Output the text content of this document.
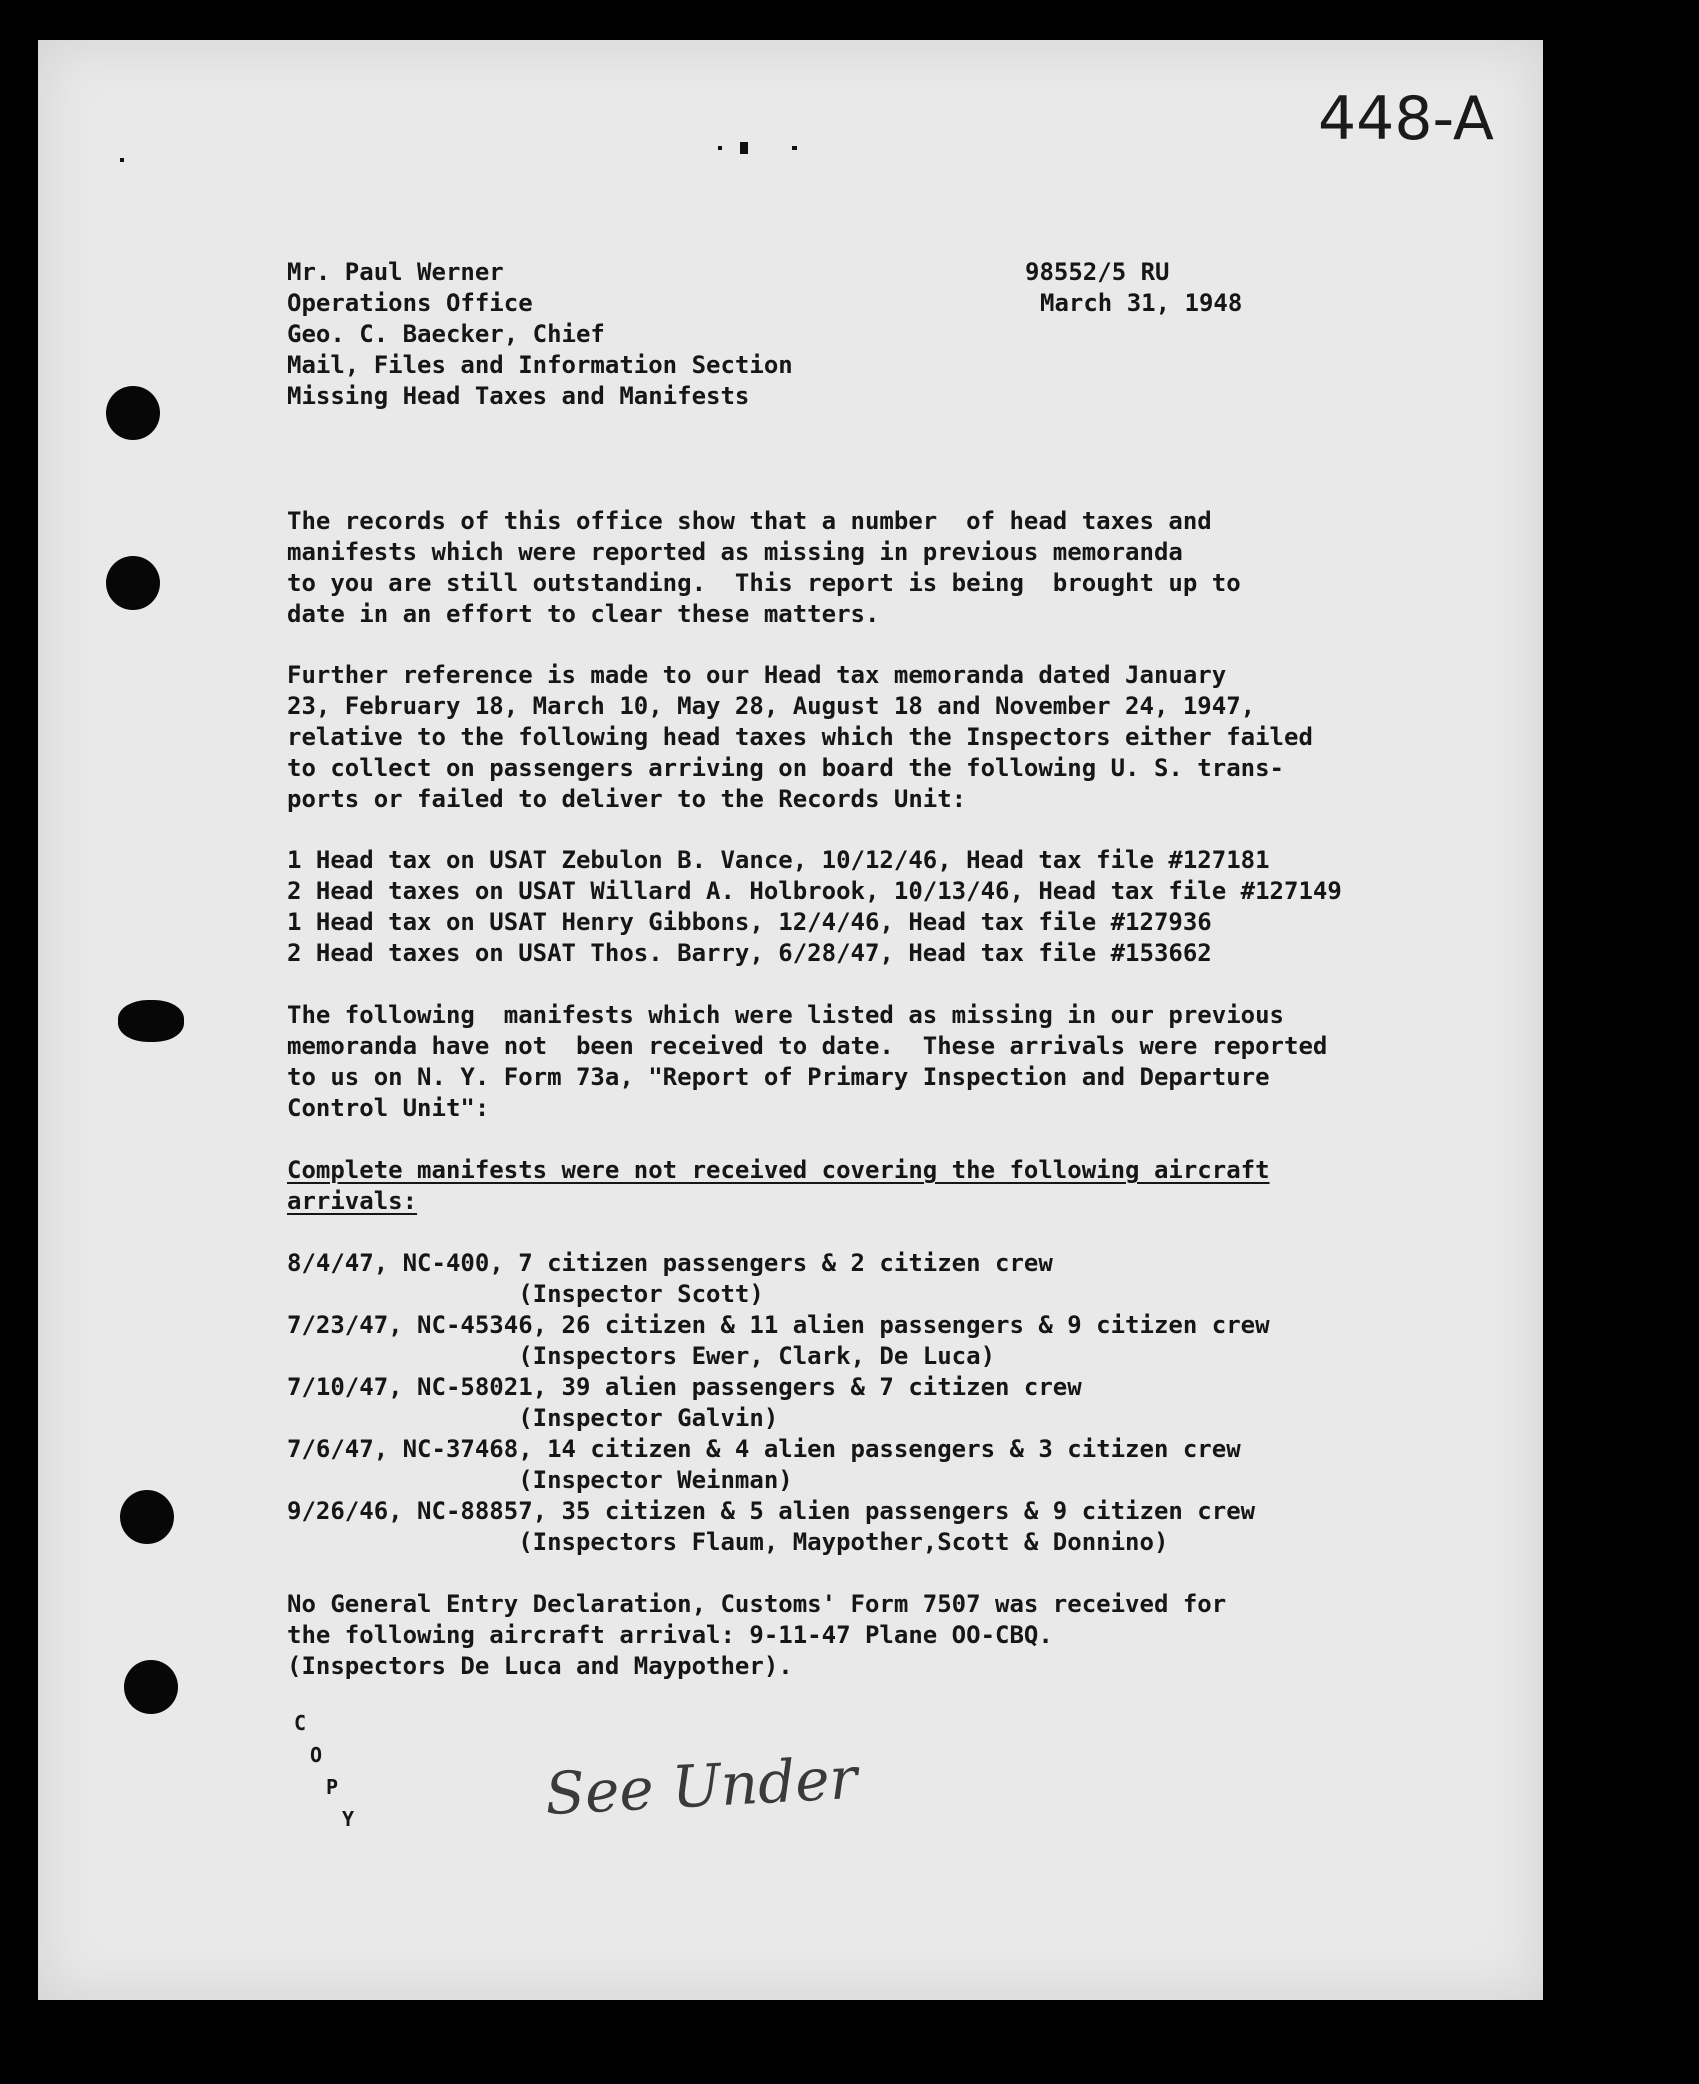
448-A
Mr. Paul Werner
Operations Office
Geo. C. Baecker, Chief
Mail, Files and Information Section
Missing Head Taxes and Manifests
98552/5 RU
March 31, 1948
The records of this office show that a number  of head taxes and
manifests which were reported as missing in previous memoranda
to you are still outstanding.  This report is being  brought up to
date in an effort to clear these matters.
Further reference is made to our Head tax memoranda dated January
23, February 18, March 10, May 28, August 18 and November 24, 1947,
relative to the following head taxes which the Inspectors either failed
to collect on passengers arriving on board the following U. S. trans-
ports or failed to deliver to the Records Unit:
1 Head tax on USAT Zebulon B. Vance, 10/12/46, Head tax file #127181
2 Head taxes on USAT Willard A. Holbrook, 10/13/46, Head tax file #127149
1 Head tax on USAT Henry Gibbons, 12/4/46, Head tax file #127936
2 Head taxes on USAT Thos. Barry, 6/28/47, Head tax file #153662
The following  manifests which were listed as missing in our previous
memoranda have not  been received to date.  These arrivals were reported
to us on N. Y. Form 73a, "Report of Primary Inspection and Departure
Control Unit":
Complete manifests were not received covering the following aircraft
arrivals:
8/4/47, NC-400, 7 citizen passengers & 2 citizen crew
(Inspector Scott)
7/23/47, NC-45346, 26 citizen & 11 alien passengers & 9 citizen crew
(Inspectors Ewer, Clark, De Luca)
7/10/47, NC-58021, 39 alien passengers & 7 citizen crew
(Inspector Galvin)
7/6/47, NC-37468, 14 citizen & 4 alien passengers & 3 citizen crew
(Inspector Weinman)
9/26/46, NC-88857, 35 citizen & 5 alien passengers & 9 citizen crew
(Inspectors Flaum, Maypother,Scott & Donnino)
No General Entry Declaration, Customs' Form 7507 was received for
the following aircraft arrival: 9-11-47 Plane OO-CBQ.
(Inspectors De Luca and Maypother).
C
O
P
Y	See Under
